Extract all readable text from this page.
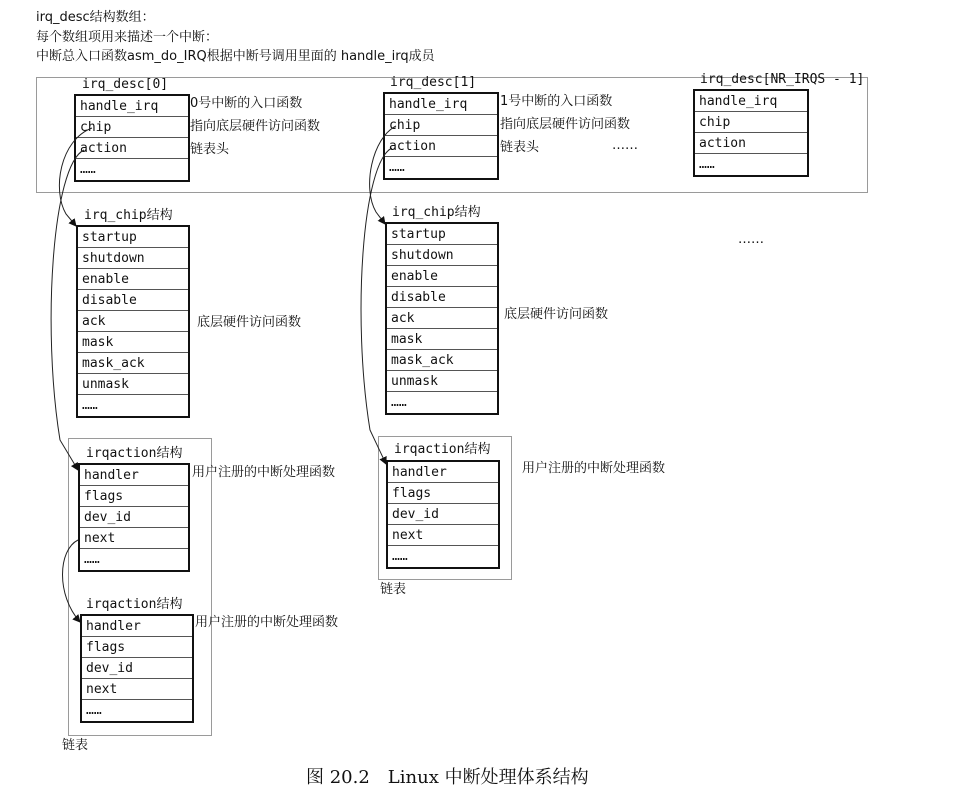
irq_desc结构数组：
每个数组项用来描述一个中断：
中断总入口函数asm_do_IRQ根据中断号调用里面的 handle_irq成员
irq_desc[0]
handle_irq
chip
action
……
0号中断的入口函数
指向底层硬件访问函数
链表头
irq_desc[1]
handle_irq
chip
action
……
1号中断的入口函数
指向底层硬件访问函数
链表头	……
irq_desc[NR_IRQS - 1]
handle_irq
chip
action
……
……
irq_chip结构
startup
shutdown
enable
disable
ack
mask
mask_ack
unmask
……
底层硬件访问函数
irq_chip结构
startup
shutdown
enable
disable
ack
mask
mask_ack
unmask
……
底层硬件访问函数
irqaction结构
handler
flags
dev_id
next
……
用户注册的中断处理函数
irqaction结构
handler
flags
dev_id
next
……
用户注册的中断处理函数
irqaction结构
handler
flags
dev_id
next
……
用户注册的中断处理函数
链表
链表
图 20.2　Linux 中断处理体系结构
